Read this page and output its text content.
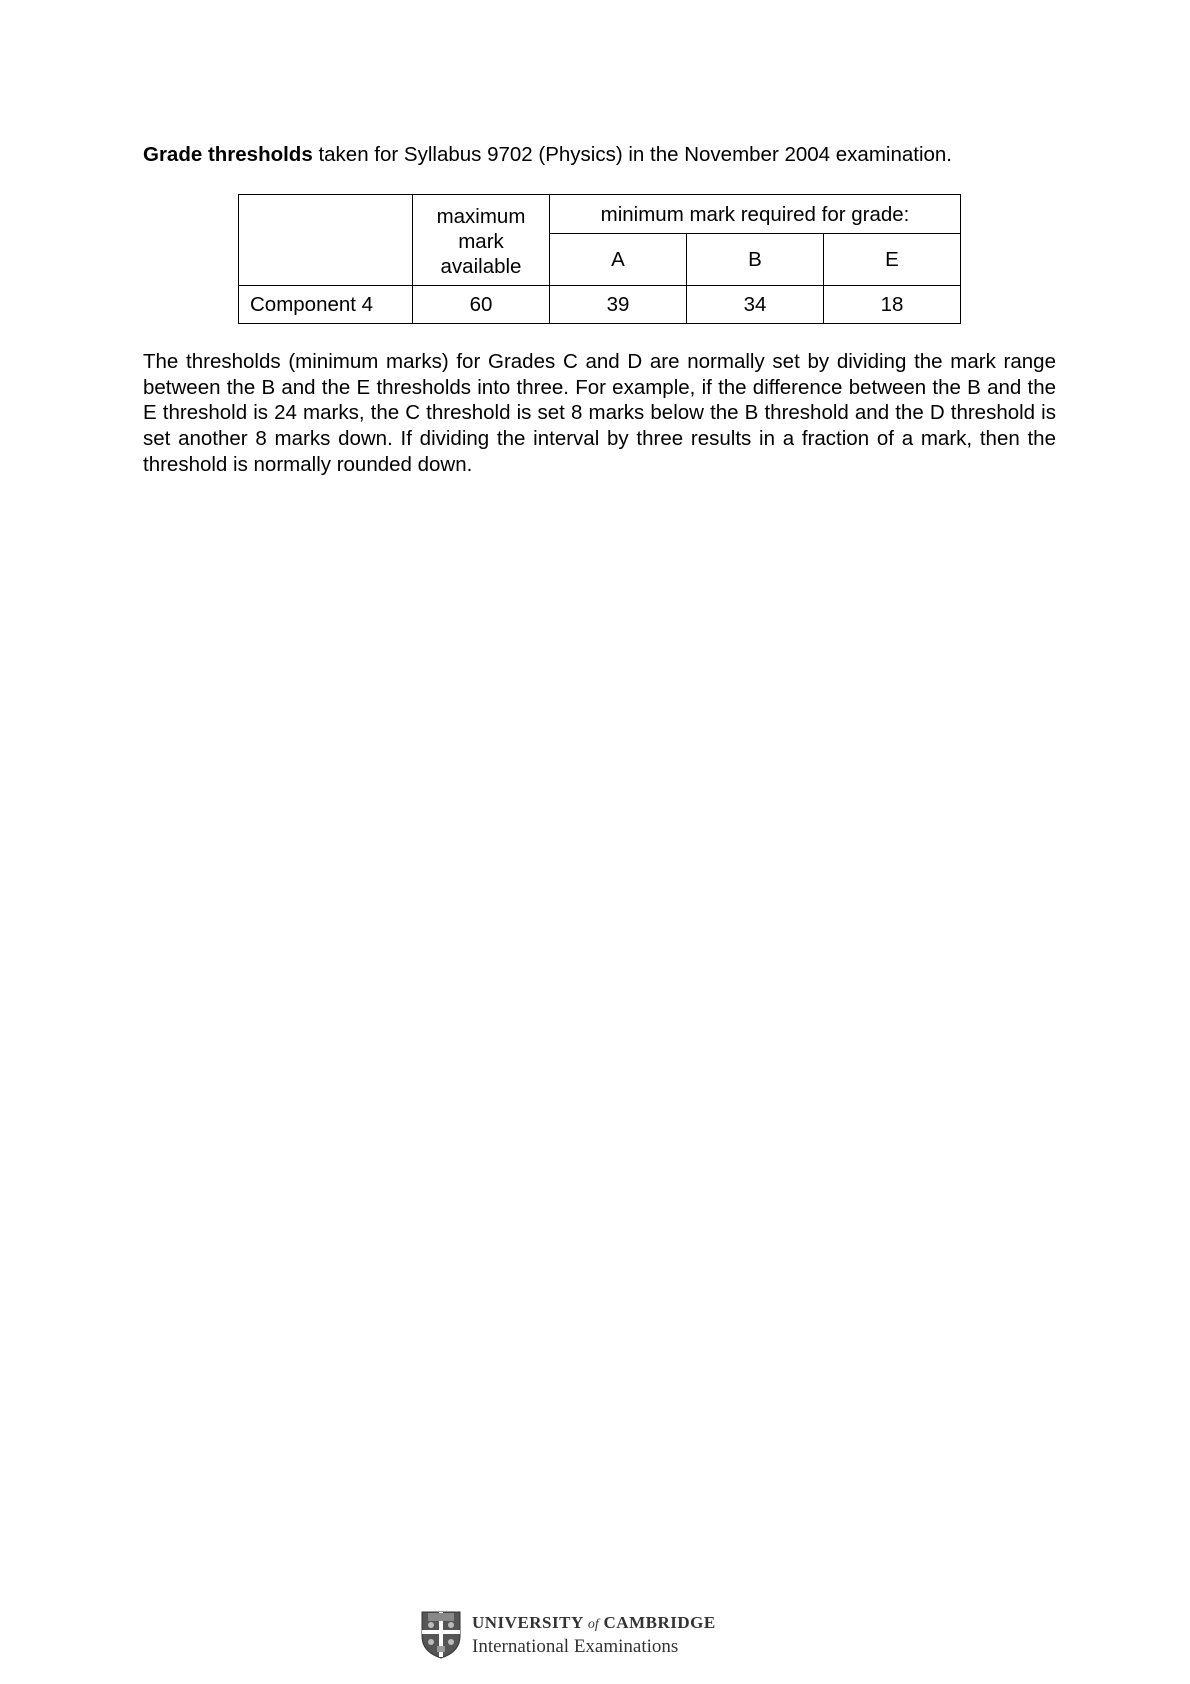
Grade thresholds taken for Syllabus 9702 (Physics) in the November 2004 examination.

	maximum mark available	minimum mark required for grade:		
		A	B	E
Component 4	60	39	34	18

The thresholds (minimum marks) for Grades C and D are normally set by dividing the mark range between the B and the E thresholds into three. For example, if the difference between the B and the E threshold is 24 marks, the C threshold is set 8 marks below the B threshold and the D threshold is set another 8 marks down. If dividing the interval by three results in a fraction of a mark, then the threshold is normally rounded down.

UNIVERSITY of CAMBRIDGE
International Examinations
